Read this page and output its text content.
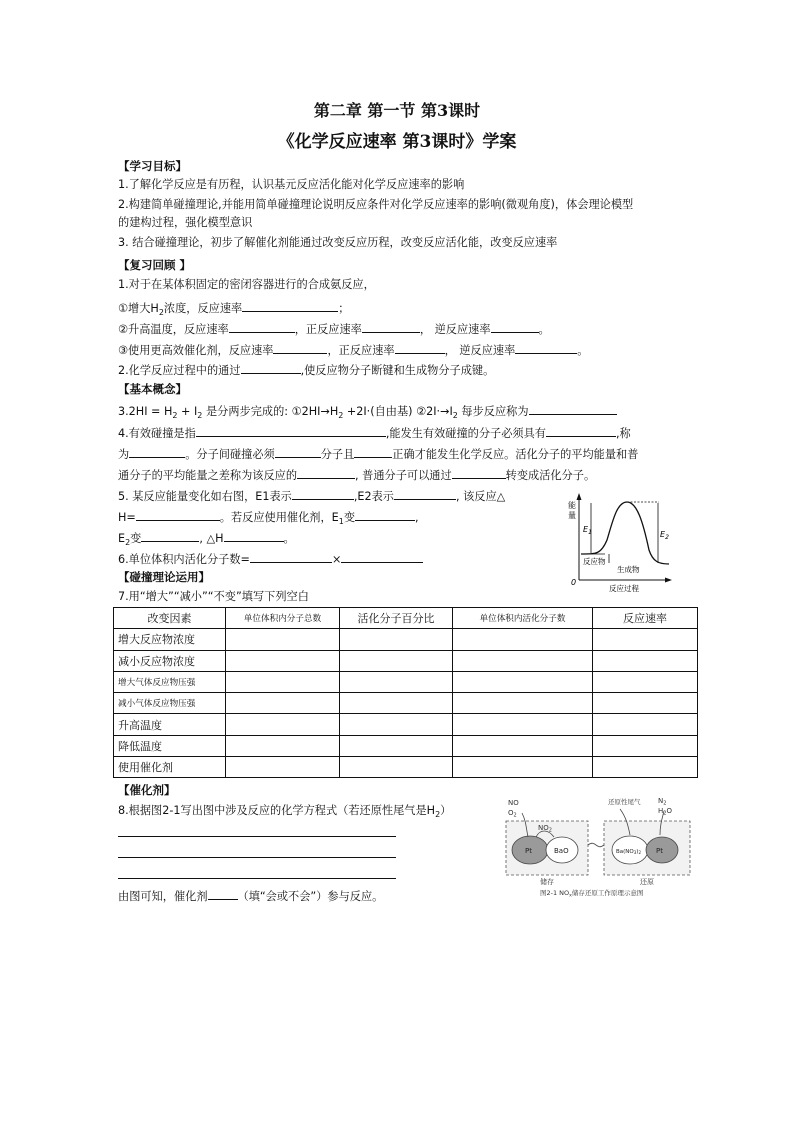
第二章 第一节 第3课时
《化学反应速率 第3课时》学案
【学习目标】
1.了解化学反应是有历程，认识基元反应活化能对化学反应速率的影响
2.构建简单碰撞理论,并能用简单碰撞理论说明反应条件对化学反应速率的影响(微观角度)，体会理论模型
的建构过程，强化模型意识
3. 结合碰撞理论，初步了解催化剂能通过改变反应历程，改变反应活化能，改变反应速率
【复习回顾 】
1.对于在某体积固定的密闭容器进行的合成氨反应，
①增大$H_2$浓度，反应速率	；
②升高温度，反应速率	，正反应速率	， 逆反应速率	。
③使用更高效催化剂，反应速率	，正反应速率	， 逆反应速率	。
2.化学反应过程中的通过	,使反应物分子断键和生成物分子成键。
【基本概念】
$3.2HI = H_2 + I_2$ 是分两步完成的: $①2HI\to H_2 +2I\cdot$(自由基) $②2I\cdot\to I_2$ 每步反应称为
4.有效碰撞是指	,能发生有效碰撞的分子必须具有	,称
为	。分子间碰撞必须	分子且	正确才能发生化学反应。活化分子的平均能量和普
通分子的平均能量之差称为该反应的	, 普通分子可以通过	转变成活化分子。
5. 某反应能量变化如右图，E1表示	,E2表示	, 该反应△
H=	。若反应使用催化剂，$E_1$变	,
$E_2$变	, △H	。
6.单位体积内活化分子数=	×
能
量
$E_1$	$E_2$
反应物
生成物
0
反应过程
【碰撞理论运用】
7.用“增大”“减小”“不变”填写下列空白
改变因素	单位体积内分子总数	活化分子百分比	单位体积内活化分子数	反应速率
增大反应物浓度				
减小反应物浓度				
增大气体反应物压强				
减小气体反应物压强				
升高温度				
降低温度				
使用催化剂				
【催化剂】
8.根据图2-1写出图中涉及反应的化学方程式（若还原性尾气是$H_2$）
由图可知，催化剂	（填“会或不会”）参与反应。
NO
$O_2$
$NO_2$
Pt	BaO
还原性尾气	$N_2$
$H_2O$
$Ba(NO_3)_2$ Pt
储存	还原
图2-1 $NO_x$储存还原工作原理示意图
